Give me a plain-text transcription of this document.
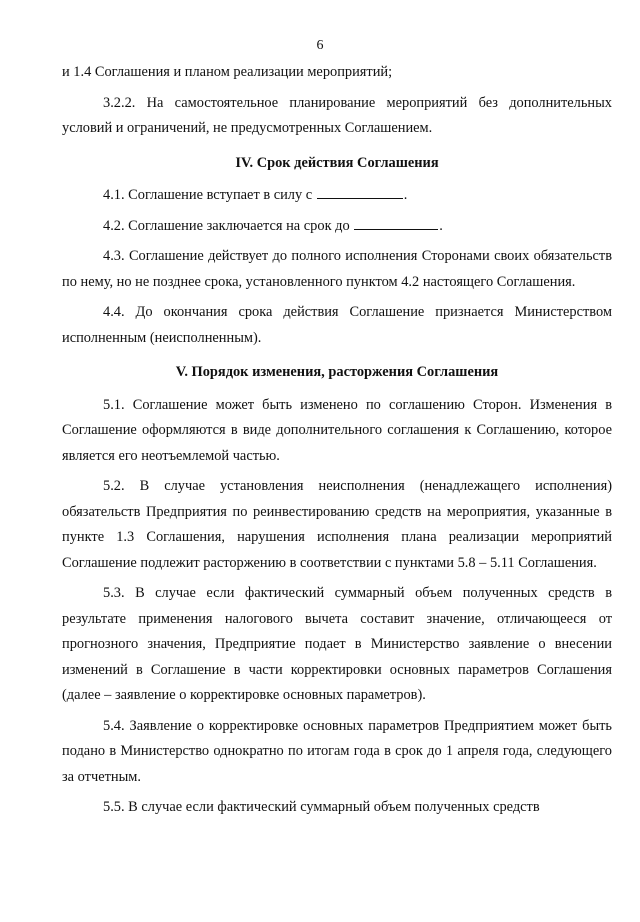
6

и 1.4 Соглашения и планом реализации мероприятий;

3.2.2. На самостоятельное планирование мероприятий без дополнительных условий и ограничений, не предусмотренных Соглашением.

IV. Срок действия Соглашения

4.1. Соглашение вступает в силу с	.

4.2. Соглашение заключается на срок до	.

4.3. Соглашение действует до полного исполнения Сторонами своих обязательств по нему, но не позднее срока, установленного пунктом 4.2 настоящего Соглашения.

4.4. До окончания срока действия Соглашение признается Министерством исполненным (неисполненным).

V. Порядок изменения, расторжения Соглашения

5.1. Соглашение может быть изменено по соглашению Сторон. Изменения в Соглашение оформляются в виде дополнительного соглашения к Соглашению, которое является его неотъемлемой частью.

5.2. В случае установления неисполнения (ненадлежащего исполнения) обязательств Предприятия по реинвестированию средств на мероприятия, указанные в пункте 1.3 Соглашения, нарушения исполнения плана реализации мероприятий Соглашение подлежит расторжению в соответствии с пунктами 5.8 – 5.11 Соглашения.

5.3. В случае если фактический суммарный объем полученных средств в результате применения налогового вычета составит значение, отличающееся от прогнозного значения, Предприятие подает в Министерство заявление о внесении изменений в Соглашение в части корректировки основных параметров Соглашения (далее – заявление о корректировке основных параметров).

5.4. Заявление о корректировке основных параметров Предприятием может быть подано в Министерство однократно по итогам года в срок до 1 апреля года, следующего за отчетным.

5.5. В случае если фактический суммарный объем полученных средств
